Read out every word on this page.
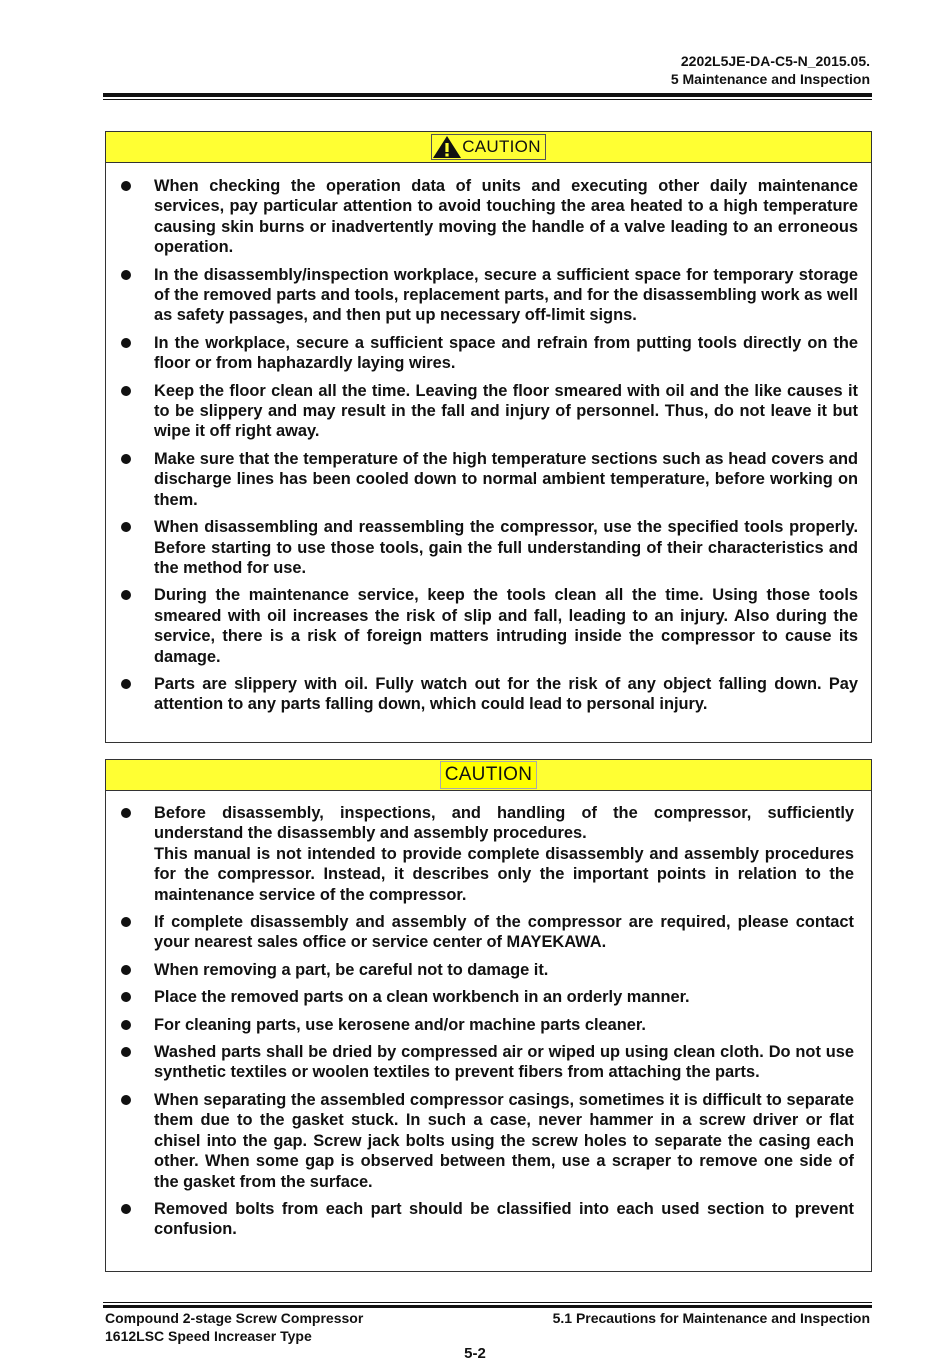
2202L5JE-DA-C5-N_2015.05.
5 Maintenance and Inspection
CAUTION
When checking the operation data of units and executing other daily maintenance services, pay particular attention to avoid touching the area heated to a high temperature causing skin burns or inadvertently moving the handle of a valve leading to an erroneous operation.
In the disassembly/inspection workplace, secure a sufficient space for temporary storage of the removed parts and tools, replacement parts, and for the disassembling work as well as safety passages, and then put up necessary off-limit signs.
In the workplace, secure a sufficient space and refrain from putting tools directly on the floor or from haphazardly laying wires.
Keep the floor clean all the time. Leaving the floor smeared with oil and the like causes it to be slippery and may result in the fall and injury of personnel. Thus, do not leave it but wipe it off right away.
Make sure that the temperature of the high temperature sections such as head covers and discharge lines has been cooled down to normal ambient temperature, before working on them.
When disassembling and reassembling the compressor, use the specified tools properly. Before starting to use those tools, gain the full understanding of their characteristics and the method for use.
During the maintenance service, keep the tools clean all the time. Using those tools smeared with oil increases the risk of slip and fall, leading to an injury. Also during the service, there is a risk of foreign matters intruding inside the compressor to cause its damage.
Parts are slippery with oil. Fully watch out for the risk of any object falling down. Pay attention to any parts falling down, which could lead to personal injury.
CAUTION
Before disassembly, inspections, and handling of the compressor, sufficiently understand the disassembly and assembly procedures.
This manual is not intended to provide complete disassembly and assembly procedures for the compressor. Instead, it describes only the important points in relation to the maintenance service of the compressor.
If complete disassembly and assembly of the compressor are required, please contact your nearest sales office or service center of MAYEKAWA.
When removing a part, be careful not to damage it.
Place the removed parts on a clean workbench in an orderly manner.
For cleaning parts, use kerosene and/or machine parts cleaner.
Washed parts shall be dried by compressed air or wiped up using clean cloth. Do not use synthetic textiles or woolen textiles to prevent fibers from attaching the parts.
When separating the assembled compressor casings, sometimes it is difficult to separate them due to the gasket stuck. In such a case, never hammer in a screw driver or flat chisel into the gap. Screw jack bolts using the screw holes to separate the casing each other. When some gap is observed between them, use a scraper to remove one side of the gasket from the surface.
Removed bolts from each part should be classified into each used section to prevent confusion.
Compound 2-stage Screw Compressor
1612LSC Speed Increaser Type
5.1 Precautions for Maintenance and Inspection
5-2
